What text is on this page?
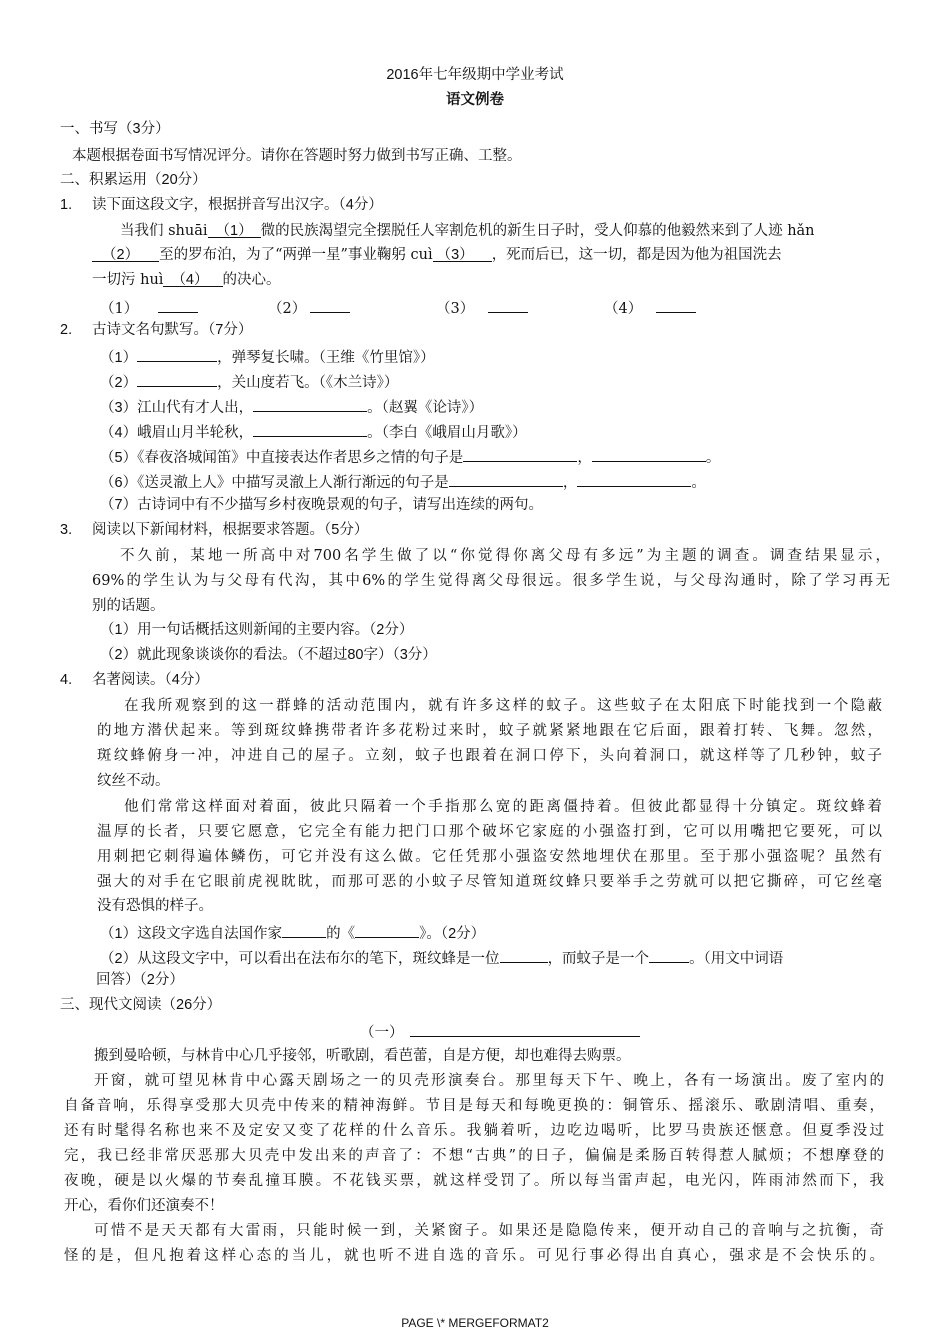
2016年七年级期中学业考试
语文例卷
一、书写（3分）
本题根据卷面书写情况评分。请你在答题时努力做到书写正确、工整。
二、积累运用（20分）
1. 读下面这段文字，根据拼音写出汉字。（4分）
当我们 shuāi （1） 微的民族渴望完全摆脱任人宰割危机的新生日子时，受人仰慕的他毅然来到了人迹 hǎn
（2） 至的罗布泊，为了“两弹一星”事业鞠躬 cuì （3） ，死而后已，这一切，都是因为他为祖国洗去
一切污 huì （4） 的决心。
（1）	（2）	（3）	（4）
2. 古诗文名句默写。（7分）
（1）	，弹琴复长啸。（王维《竹里馆》）
（2）	，关山度若飞。（《木兰诗》）
（3）江山代有才人出，	。（赵翼《论诗》）
（4）峨眉山月半轮秋，	。（李白《峨眉山月歌》）
（5）《春夜洛城闻笛》中直接表达作者思乡之情的句子是	，	。
（6）《送灵澈上人》中描写灵澈上人渐行渐远的句子是	，	。
（7）古诗词中有不少描写乡村夜晚景观的句子，请写出连续的两句。
3. 阅读以下新闻材料，根据要求答题。（5分）
不久前，某地一所高中对700名学生做了以“你觉得你离父母有多远”为主题的调查。调查结果显示，
69%的学生认为与父母有代沟，其中6%的学生觉得离父母很远。很多学生说，与父母沟通时，除了学习再无
别的话题。
（1）用一句话概括这则新闻的主要内容。（2分）
（2）就此现象谈谈你的看法。（不超过80字）（3分）
4. 名著阅读。（4分）
在我所观察到的这一群蜂的活动范围内，就有许多这样的蚊子。这些蚊子在太阳底下时能找到一个隐蔽
的地方潜伏起来。等到斑纹蜂携带者许多花粉过来时，蚊子就紧紧地跟在它后面，跟着打转、飞舞。忽然，
斑纹蜂俯身一冲，冲进自己的屋子。立刻，蚊子也跟着在洞口停下，头向着洞口，就这样等了几秒钟，蚊子
纹丝不动。
他们常常这样面对着面，彼此只隔着一个手指那么宽的距离僵持着。但彼此都显得十分镇定。斑纹蜂着
温厚的长者，只要它愿意，它完全有能力把门口那个破坏它家庭的小强盗打到，它可以用嘴把它要死，可以
用刺把它刺得遍体鳞伤，可它并没有这么做。它任凭那小强盗安然地埋伏在那里。至于那小强盗呢？虽然有
强大的对手在它眼前虎视眈眈，而那可恶的小蚊子尽管知道斑纹蜂只要举手之劳就可以把它撕碎，可它丝毫
没有恐惧的样子。
（1）这段文字选自法国作家	的《	》。（2分）
（2）从这段文字中，可以看出在法布尔的笔下，斑纹蜂是一位	，而蚊子是一个	。（用文中词语
回答）（2分）
三、现代文阅读（26分）
（一）
搬到曼哈顿，与林肯中心几乎接邻，听歌剧，看芭蕾，自是方便，却也难得去购票。
开窗，就可望见林肯中心露天剧场之一的贝壳形演奏台。那里每天下午、晚上，各有一场演出。废了室内的
自备音响，乐得享受那大贝壳中传来的精神海鲜。节目是每天和每晚更换的：铜管乐、摇滚乐、歌剧清唱、重奏，
还有时髦得名称也来不及定安又变了花样的什么音乐。我躺着听，边吃边喝听，比罗马贵族还惬意。但夏季没过
完，我已经非常厌恶那大贝壳中发出来的声音了：不想“古典”的日子，偏偏是柔肠百转得惹人腻烦；不想摩登的
夜晚，硬是以火爆的节奏乱撞耳膜。不花钱买票，就这样受罚了。所以每当雷声起，电光闪，阵雨沛然而下，我
开心，看你们还演奏不！
可惜不是天天都有大雷雨，只能时候一到，关紧窗子。如果还是隐隐传来，便开动自己的音响与之抗衡，奇
怪的是，但凡抱着这样心态的当儿，就也听不进自选的音乐。可见行事必得出自真心，强求是不会快乐的。
PAGE \* MERGEFORMAT2
